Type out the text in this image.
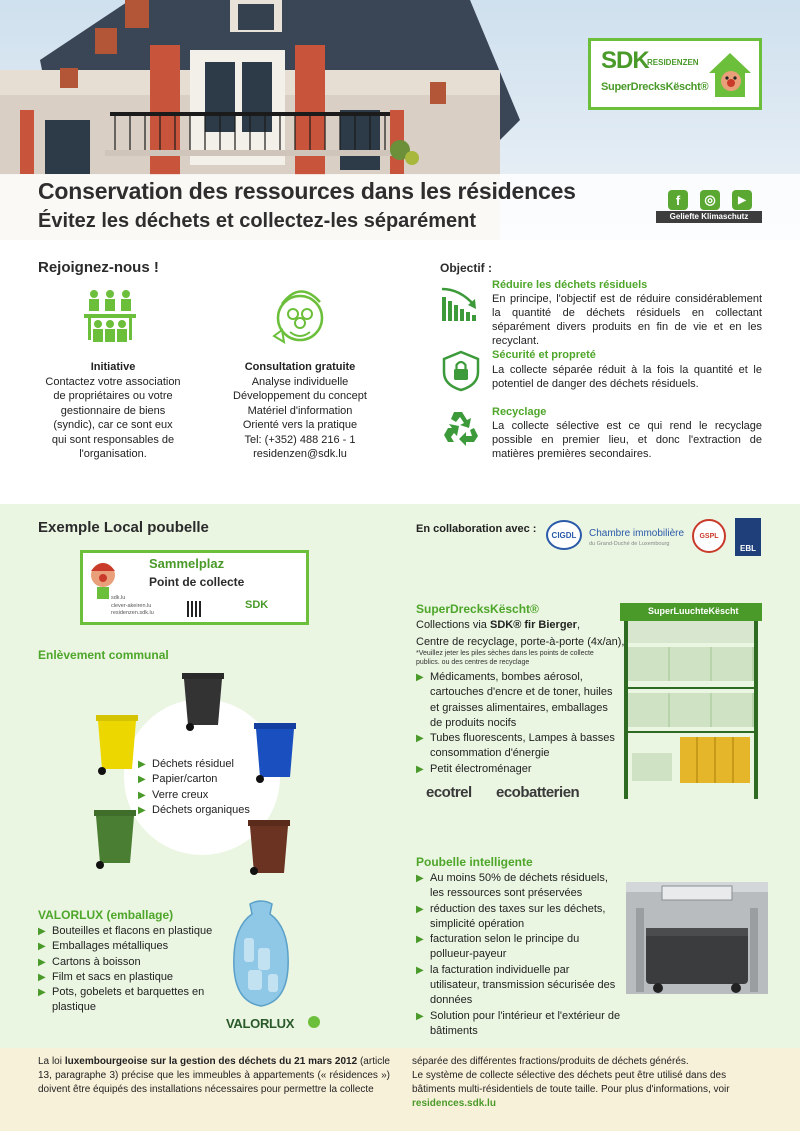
Conservation des ressources dans les résidences
Évitez les déchets et collectez-les séparément
SDK
RESIDENZEN
SuperDrecksKëscht®
f	◎	▶
Geliefte Klimaschutz
Rejoignez-nous !
Initiative
Contactez votre association
de propriétaires ou votre
gestionnaire de biens
(syndic), car ce sont eux
qui sont responsables de
l'organisation.
Consultation gratuite
Analyse individuelle
Développement du concept
Matériel d'information
Orienté vers la pratique
Tel: (+352) 488 216 - 1
residenzen@sdk.lu
Objectif :
Réduire les déchets résiduels
En principe, l'objectif est de réduire considérablement la quantité de déchets résiduels en collectant séparément divers produits en fin de vie et en les recyclant.
Sécurité et propreté
La collecte séparée réduit à la fois la quantité et le potentiel de danger des déchets résiduels.
Recyclage
La collecte sélective est ce qui rend le recyclage possible en premier lieu, et donc l'extraction de matières premières secondaires.
Exemple Local poubelle
Sammelplaz
Point de collecte
sdk.lu
clever-akeiren.lu
residenzen.sdk.lu
SDK
En collaboration avec :	CIGDL	Chambre immobilière
du Grand-Duché de Luxembourg
GSPL
EBL
Enlèvement communal
▶ Déchets résiduel
▶ Papier/carton
▶ Verre creux
▶ Déchets organiques
VALORLUX (emballage)
▶ Bouteilles et flacons en plastique
▶ Emballages métalliques
▶ Cartons à boisson
▶ Film et sacs en plastique
▶ Pots, gobelets et barquettes en plastique
VALORLUX
SuperDrecksKëscht®
Collections via SDK® fir Bierger,
Centre de recyclage, porte-à-porte (4x/an),
*Veuillez jeter les piles sèches dans les points de collecte publics. ou des centres de recyclage
▶ Médicaments, bombes aérosol, cartouches d'encre et de toner, huiles et graisses alimentaires, emballages de produits nocifs
▶ Tubes fluorescents, Lampes à basses consommation d'énergie
▶ Petit électroménager
ecotrel ecobatterien
SuperLuuchteKëscht
Poubelle intelligente
▶ Au moins 50% de déchets résiduels, les ressources sont préservées
▶ réduction des taxes sur les déchets, simplicité opération
▶ facturation selon le principe du pollueur-payeur
▶ la facturation individuelle par utilisateur, transmission sécurisée des données
▶ Solution pour l'intérieur et l'extérieur de bâtiments
La loi luxembourgeoise sur la gestion des déchets du 21 mars 2012 (article 13, paragraphe 3) précise que les immeubles à appartements (« résidences ») doivent être équipés des installations nécessaires pour permettre la collecte
séparée des différentes fractions/produits de déchets générés.
Le système de collecte sélective des déchets peut être utilisé dans des bâtiments multi-résidentiels de toute taille. Pour plus d'informations, voir residences.sdk.lu
